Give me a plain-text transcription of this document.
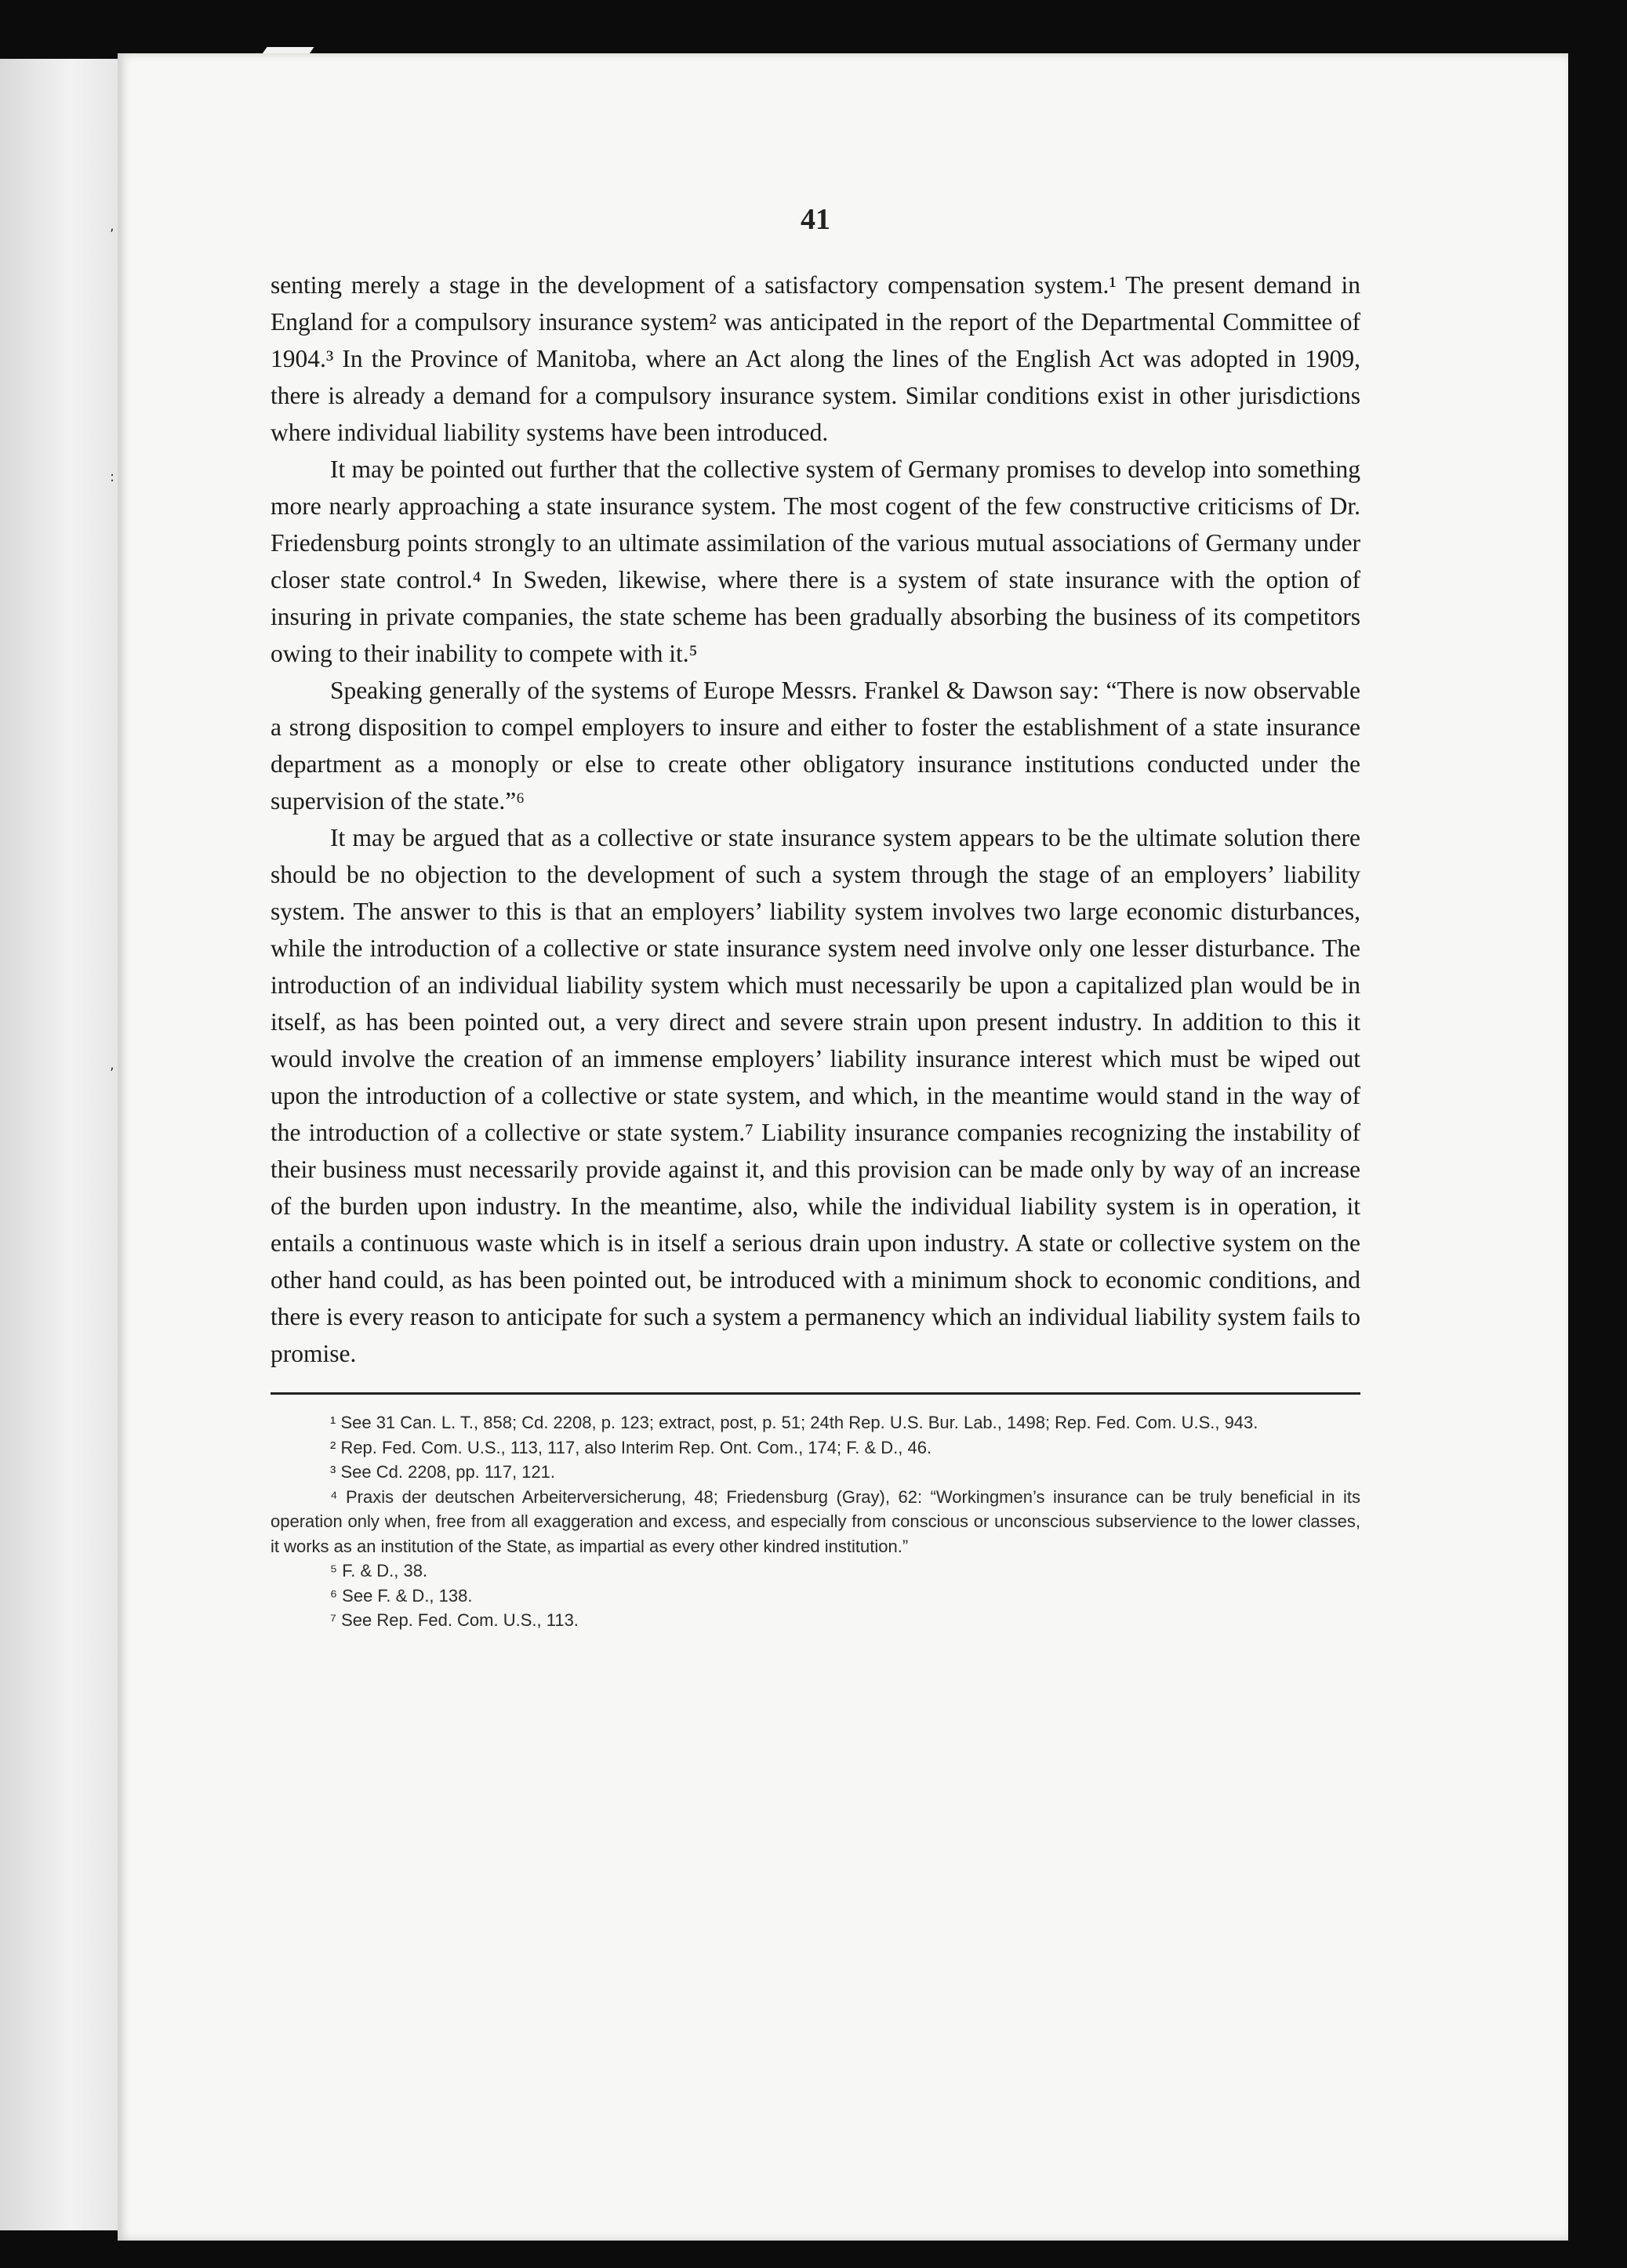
,
:
,
41

senting merely a stage in the development of a satisfactory compensation system.¹ The present demand in England for a compulsory insurance system² was anticipated in the report of the Departmental Committee of 1904.³ In the Province of Manitoba, where an Act along the lines of the English Act was adopted in 1909, there is already a demand for a compulsory insurance system. Similar conditions exist in other jurisdictions where individual liability systems have been introduced.

It may be pointed out further that the collective system of Germany promises to develop into something more nearly approaching a state insurance system. The most cogent of the few constructive criticisms of Dr. Friedensburg points strongly to an ultimate assimilation of the various mutual associations of Germany under closer state control.⁴ In Sweden, likewise, where there is a system of state insurance with the option of insuring in private companies, the state scheme has been gradually absorbing the business of its competitors owing to their inability to compete with it.⁵

Speaking generally of the systems of Europe Messrs. Frankel & Dawson say: “There is now observable a strong disposition to compel employers to insure and either to foster the establishment of a state insurance department as a monoply or else to create other obligatory insurance institutions conducted under the supervision of the state.”⁶

It may be argued that as a collective or state insurance system appears to be the ultimate solution there should be no objection to the development of such a system through the stage of an employers’ liability system. The answer to this is that an employers’ liability system involves two large economic disturbances, while the introduction of a collective or state insurance system need involve only one lesser disturbance. The introduction of an individual liability system which must necessarily be upon a capitalized plan would be in itself, as has been pointed out, a very direct and severe strain upon present industry. In addition to this it would involve the creation of an immense employers’ liability insurance interest which must be wiped out upon the introduction of a collective or state system, and which, in the meantime would stand in the way of the introduction of a collective or state system.⁷ Liability insurance companies recognizing the instability of their business must necessarily provide against it, and this provision can be made only by way of an increase of the burden upon industry. In the meantime, also, while the individual liability system is in operation, it entails a continuous waste which is in itself a serious drain upon industry. A state or collective system on the other hand could, as has been pointed out, be introduced with a minimum shock to economic conditions, and there is every reason to anticipate for such a system a permanency which an individual liability system fails to promise.

¹ See 31 Can. L. T., 858; Cd. 2208, p. 123; extract, post, p. 51; 24th Rep. U.S. Bur. Lab., 1498; Rep. Fed. Com. U.S., 943.

² Rep. Fed. Com. U.S., 113, 117, also Interim Rep. Ont. Com., 174; F. & D., 46.

³ See Cd. 2208, pp. 117, 121.

⁴ Praxis der deutschen Arbeiterversicherung, 48; Friedensburg (Gray), 62: “Workingmen’s insurance can be truly beneficial in its operation only when, free from all exaggeration and excess, and especially from conscious or unconscious subservience to the lower classes, it works as an institution of the State, as impartial as every other kindred institution.”

⁵ F. & D., 38.

⁶ See F. & D., 138.

⁷ See Rep. Fed. Com. U.S., 113.
